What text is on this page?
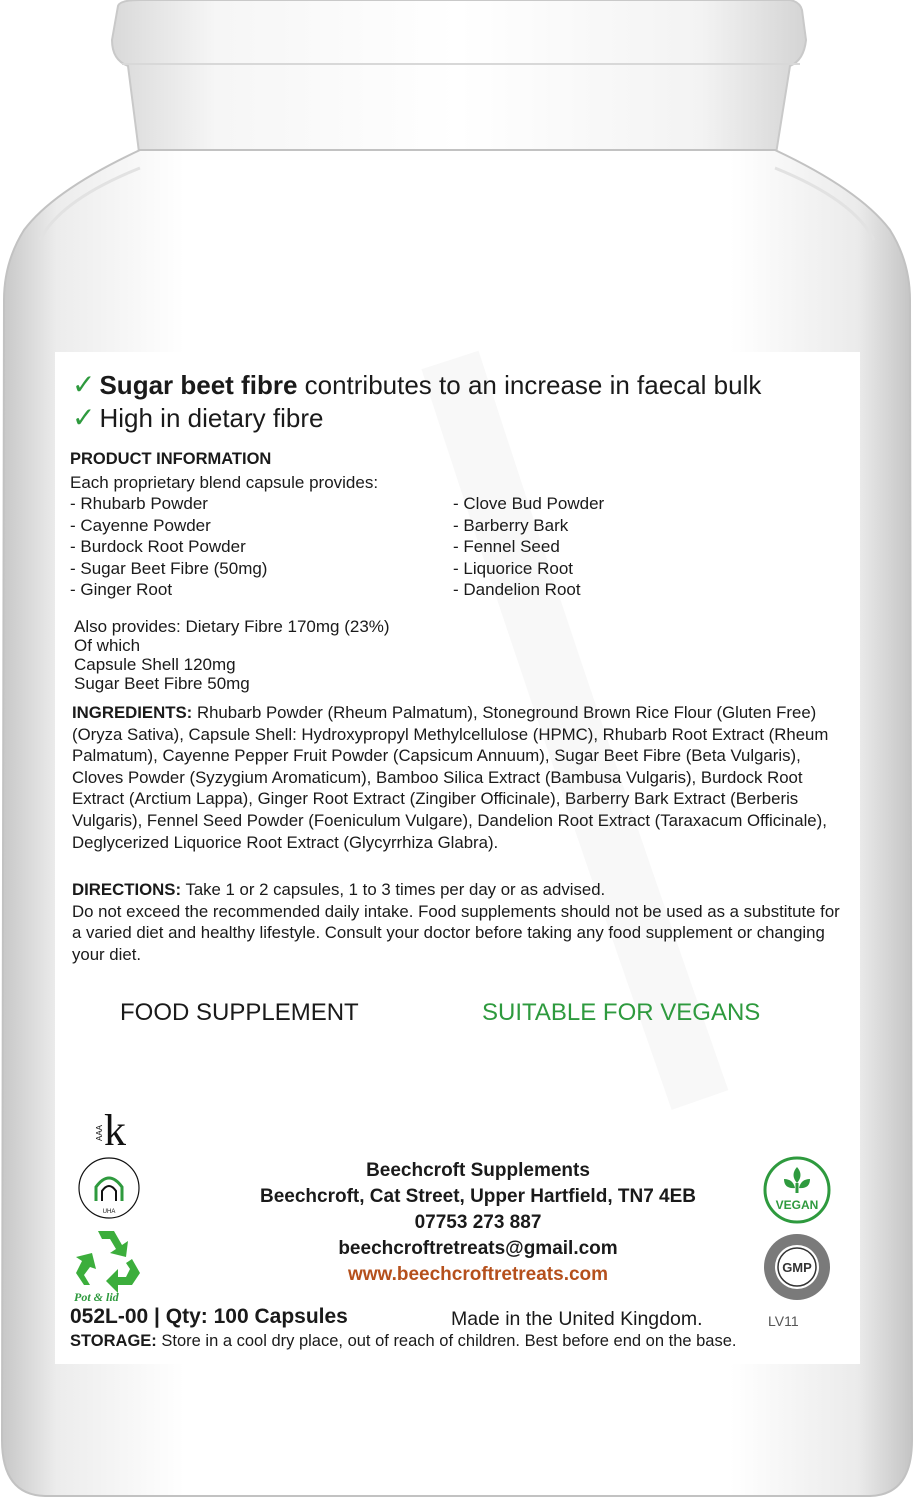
✓ Sugar beet fibre contributes to an increase in faecal bulk
✓ High in dietary fibre
PRODUCT INFORMATION
Each proprietary blend capsule provides:
- Rhubarb Powder
- Cayenne Powder
- Burdock Root Powder
- Sugar Beet Fibre (50mg)
- Ginger Root
- Clove Bud Powder
- Barberry Bark
- Fennel Seed
- Liquorice Root
- Dandelion Root
Also provides: Dietary Fibre 170mg (23%)
Of which
Capsule Shell 120mg
Sugar Beet Fibre 50mg
INGREDIENTS: Rhubarb Powder (Rheum Palmatum), Stoneground Brown Rice Flour (Gluten Free) (Oryza Sativa), Capsule Shell: Hydroxypropyl Methylcellulose (HPMC), Rhubarb Root Extract (Rheum Palmatum), Cayenne Pepper Fruit Powder (Capsicum Annuum), Sugar Beet Fibre (Beta Vulgaris), Cloves Powder (Syzygium Aromaticum), Bamboo Silica Extract (Bambusa Vulgaris), Burdock Root Extract (Arctium Lappa), Ginger Root Extract (Zingiber Officinale), Barberry Bark Extract (Berberis Vulgaris), Fennel Seed Powder (Foeniculum Vulgare), Dandelion Root Extract (Taraxacum Officinale), Deglycerized Liquorice Root Extract (Glycyrrhiza Glabra).
DIRECTIONS: Take 1 or 2 capsules, 1 to 3 times per day or as advised.
Do not exceed the recommended daily intake. Food supplements should not be used as a substitute for a varied diet and healthy lifestyle. Consult your doctor before taking any food supplement or changing your diet.
FOOD SUPPLEMENT	SUITABLE FOR VEGANS
k
AAA
UHA
Pot & lid
Beechcroft Supplements
Beechcroft, Cat Street, Upper Hartfield, TN7 4EB
07753 273 887
beechcroftretreats@gmail.com
www.beechcroftretreats.com
VEGAN
GMP
052L-00 | Qty: 100 Capsules	Made in the United Kingdom.	LV11
STORAGE: Store in a cool dry place, out of reach of children. Best before end on the base.
